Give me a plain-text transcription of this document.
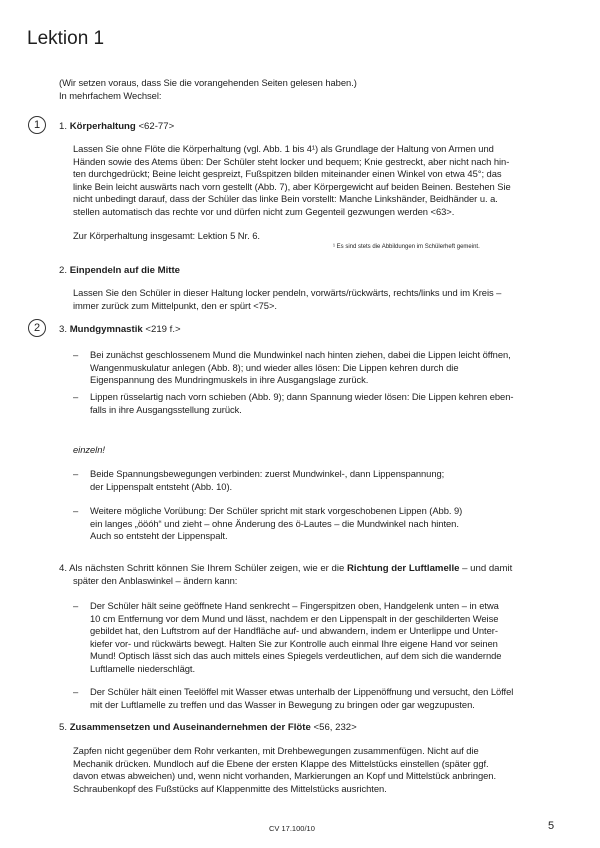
Lektion 1
(Wir setzen voraus, dass Sie die vorangehenden Seiten gelesen haben.)
In mehrfachem Wechsel:
1	1. Körperhaltung <62-77>
Lassen Sie ohne Flöte die Körperhaltung (vgl. Abb. 1 bis 4¹) als Grundlage der Haltung von Armen und
Händen sowie des Atems üben: Der Schüler steht locker und bequem; Knie gestreckt, aber nicht nach hin-
ten durchgedrückt; Beine leicht gespreizt, Fußspitzen bilden miteinander einen Winkel von etwa 45°; das
linke Bein leicht auswärts nach vorn gestellt (Abb. 7), aber Körpergewicht auf beiden Beinen. Bestehen Sie
nicht unbedingt darauf, dass der Schüler das linke Bein vorstellt: Manche Linkshänder, Beidhänder u. a.
stellen automatisch das rechte vor und dürfen nicht zum Gegenteil gezwungen werden <63>.
Zur Körperhaltung insgesamt: Lektion 5 Nr. 6.
¹ Es sind stets die Abbildungen im Schülerheft gemeint.
2. Einpendeln auf die Mitte
Lassen Sie den Schüler in dieser Haltung locker pendeln, vorwärts/rückwärts, rechts/links und im Kreis –
immer zurück zum Mittelpunkt, den er spürt <75>.
2	3. Mundgymnastik <219 f.>
– Bei zunächst geschlossenem Mund die Mundwinkel nach hinten ziehen, dabei die Lippen leicht öffnen,
Wangenmuskulatur anlegen (Abb. 8); und wieder alles lösen: Die Lippen kehren durch die
Eigenspannung des Mundringmuskels in ihre Ausgangslage zurück.
– Lippen rüsselartig nach vorn schieben (Abb. 9); dann Spannung wieder lösen: Die Lippen kehren eben-
falls in ihre Ausgangsstellung zurück.
einzeln!
– Beide Spannungsbewegungen verbinden: zuerst Mundwinkel-, dann Lippenspannung;
der Lippenspalt entsteht (Abb. 10).
– Weitere mögliche Vorübung: Der Schüler spricht mit stark vorgeschobenen Lippen (Abb. 9)
ein langes „ööóh“ und zieht – ohne Änderung des ö-Lautes – die Mundwinkel nach hinten.
Auch so entsteht der Lippenspalt.
4. Als nächsten Schritt können Sie Ihrem Schüler zeigen, wie er die Richtung der Luftlamelle – und damit
später den Anblaswinkel – ändern kann:
– Der Schüler hält seine geöffnete Hand senkrecht – Fingerspitzen oben, Handgelenk unten – in etwa
10 cm Entfernung vor dem Mund und lässt, nachdem er den Lippenspalt in der geschilderten Weise
gebildet hat, den Luftstrom auf der Handfläche auf- und abwandern, indem er Unterlippe und Unter-
kiefer vor- und rückwärts bewegt. Halten Sie zur Kontrolle auch einmal Ihre eigene Hand vor seinen
Mund! Optisch lässt sich das auch mittels eines Spiegels verdeutlichen, auf dem sich die wandernde
Luftlamelle niederschlägt.
– Der Schüler hält einen Teelöffel mit Wasser etwas unterhalb der Lippenöffnung und versucht, den Löffel
mit der Luftlamelle zu treffen und das Wasser in Bewegung zu bringen oder gar wegzupusten.
5. Zusammensetzen und Auseinandernehmen der Flöte <56, 232>
Zapfen nicht gegenüber dem Rohr verkanten, mit Drehbewegungen zusammenfügen. Nicht auf die
Mechanik drücken. Mundloch auf die Ebene der ersten Klappe des Mittelstücks einstellen (später ggf.
davon etwas abweichen) und, wenn nicht vorhanden, Markierungen an Kopf und Mittelstück anbringen.
Schraubenkopf des Fußstücks auf Klappenmitte des Mittelstücks ausrichten.
CV 17.100/10	5
